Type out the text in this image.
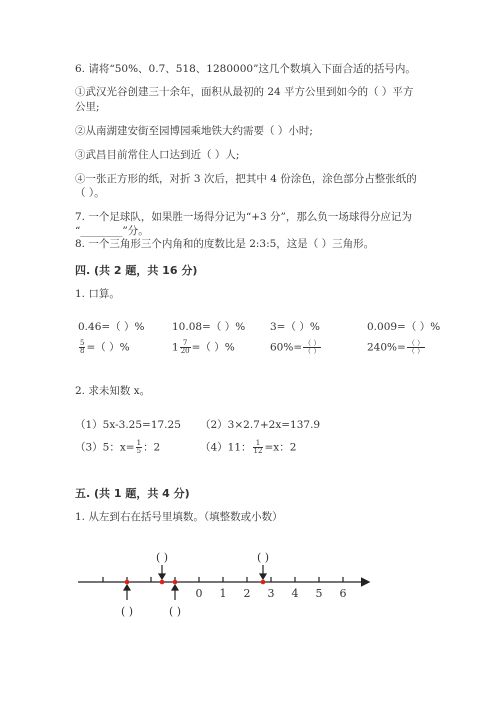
6. 请将“50%、0.7、518、1280000”这几个数填入下面合适的括号内。
①武汉光谷创建三十余年，面积从最初的 24 平方公里到如今的（ ）平方
公里;
②从南湖建安街至园博园乘地铁大约需要（ ）小时;
③武昌目前常住人口达到近（ ）人;
④一张正方形的纸，对折 3 次后，把其中 4 份涂色，涂色部分占整张纸的
（ ）。
7. 一个足球队，如果胜一场得分记为“+3 分”，那么负一场球得分应记为
“________”分。
8. 一个三角形三个内角和的度数比是 2:3:5，这是（ ）三角形。
四. (共 2 题，共 16 分)
1. 口算。
0.46=（ ）%	10.08=（ ）% 3=（ ）%	0.009=（ ）%
$\frac{5}{8}$ =（ ）%	$1 \frac{7}{20}$ =（ ）%	$60\%= \frac{( )}{( )}$	$240\%= \frac{( )}{( )}$
2. 求未知数 x。
（1）5x-3.25=17.25 （2）3×2.7+2x=137.9
（3）5：$x= \frac{1}{5}$ ：2	（4）11： $\frac{1}{12} =x$：2
五. (共 1 题，共 4 分)
1. 从左到右在括号里填数。（填整数或小数）
0 1 2 3 4 5 6
( )	( )
( )	( )
